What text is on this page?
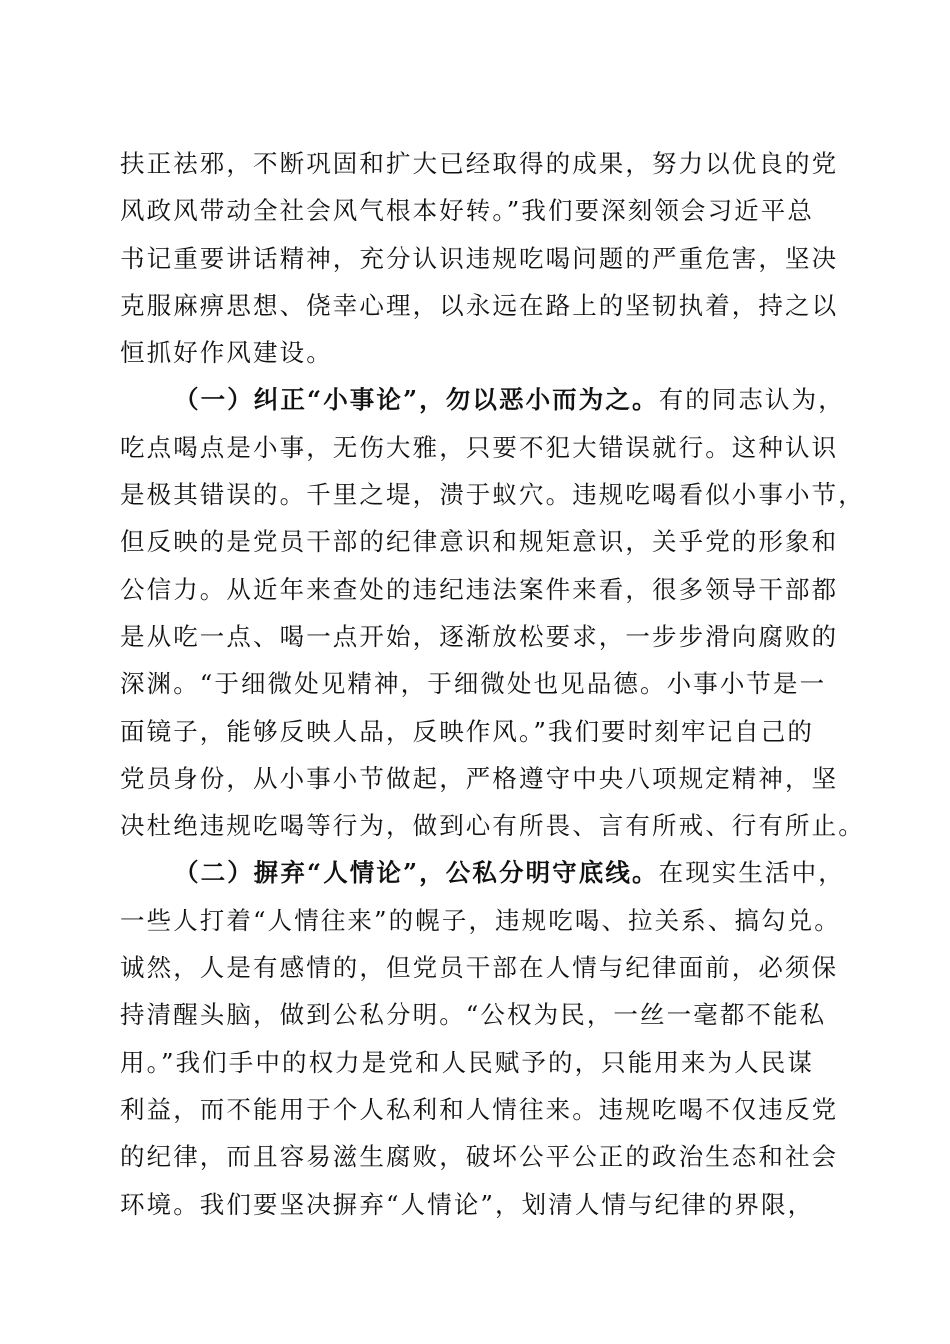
扶正祛邪，不断巩固和扩大已经取得的成果，努力以优良的党
风政风带动全社会风气根本好转。”我们要深刻领会习近平总
书记重要讲话精神，充分认识违规吃喝问题的严重危害，坚决
克服麻痹思想、侥幸心理，以永远在路上的坚韧执着，持之以
恒抓好作风建设。
（一）纠正“小事论”，勿以恶小而为之。有的同志认为，
吃点喝点是小事，无伤大雅，只要不犯大错误就行。这种认识
是极其错误的。千里之堤，溃于蚁穴。违规吃喝看似小事小节，
但反映的是党员干部的纪律意识和规矩意识，关乎党的形象和
公信力。从近年来查处的违纪违法案件来看，很多领导干部都
是从吃一点、喝一点开始，逐渐放松要求，一步步滑向腐败的
深渊。“于细微处见精神，于细微处也见品德。小事小节是一
面镜子，能够反映人品，反映作风。”我们要时刻牢记自己的
党员身份，从小事小节做起，严格遵守中央八项规定精神，坚
决杜绝违规吃喝等行为，做到心有所畏、言有所戒、行有所止。
（二）摒弃“人情论”，公私分明守底线。在现实生活中，
一些人打着“人情往来”的幌子，违规吃喝、拉关系、搞勾兑。
诚然，人是有感情的，但党员干部在人情与纪律面前，必须保
持清醒头脑，做到公私分明。“公权为民，一丝一毫都不能私
用。”我们手中的权力是党和人民赋予的，只能用来为人民谋
利益，而不能用于个人私利和人情往来。违规吃喝不仅违反党
的纪律，而且容易滋生腐败，破坏公平公正的政治生态和社会
环境。我们要坚决摒弃“人情论”，划清人情与纪律的界限，
